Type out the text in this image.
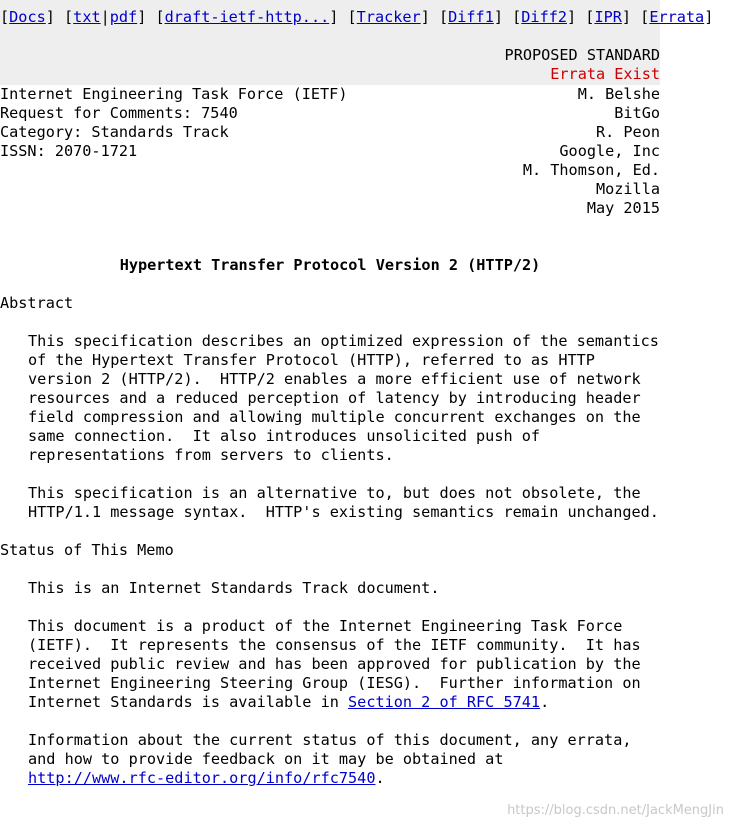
[Docs] [txt|pdf] [draft-ietf-http...] [Tracker] [Diff1] [Diff2] [IPR] [Errata]
PROPOSED STANDARD
Errata Exist
Internet Engineering Task Force (IETF)	M. Belshe
Request for Comments: 7540	BitGo
Category: Standards Track	R. Peon
ISSN: 2070-1721	Google, Inc
M. Thomson, Ed.
Mozilla
May 2015
Hypertext Transfer Protocol Version 2 (HTTP/2)
Abstract
This specification describes an optimized expression of the semantics
of the Hypertext Transfer Protocol (HTTP), referred to as HTTP
version 2 (HTTP/2).  HTTP/2 enables a more efficient use of network
resources and a reduced perception of latency by introducing header
field compression and allowing multiple concurrent exchanges on the
same connection.  It also introduces unsolicited push of
representations from servers to clients.
This specification is an alternative to, but does not obsolete, the
HTTP/1.1 message syntax.  HTTP's existing semantics remain unchanged.
Status of This Memo
This is an Internet Standards Track document.
This document is a product of the Internet Engineering Task Force
(IETF).  It represents the consensus of the IETF community.  It has
received public review and has been approved for publication by the
Internet Engineering Steering Group (IESG).  Further information on
Internet Standards is available in Section 2 of RFC 5741.
Information about the current status of this document, any errata,
and how to provide feedback on it may be obtained at
http://www.rfc-editor.org/info/rfc7540.
https://blog.csdn.net/JackMengJin
